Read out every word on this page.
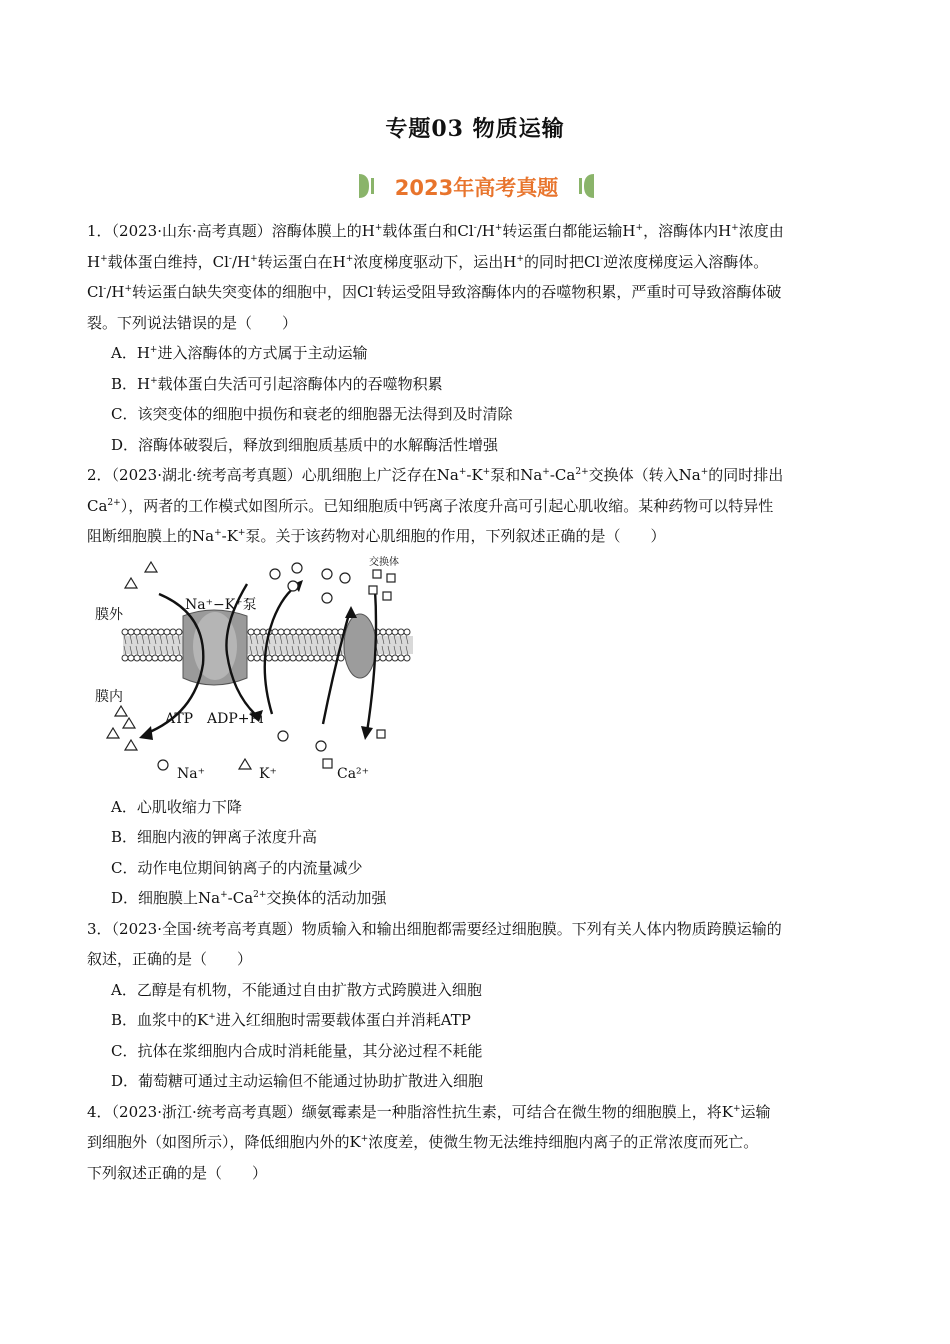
专题03 物质运输
2023年高考真题

1．（2023·山东·高考真题）溶酶体膜上的H+载体蛋白和Cl-/H+转运蛋白都能运输H+，溶酶体内H+浓度由

H+载体蛋白维持，Cl-/H+转运蛋白在H+浓度梯度驱动下，运出H+的同时把Cl-逆浓度梯度运入溶酶体。

Cl-/H+转运蛋白缺失突变体的细胞中，因Cl-转运受阻导致溶酶体内的吞噬物积累，严重时可导致溶酶体破

裂。下列说法错误的是（　　）

A．H+进入溶酶体的方式属于主动运输

B．H+载体蛋白失活可引起溶酶体内的吞噬物积累

C．该突变体的细胞中损伤和衰老的细胞器无法得到及时清除

D．溶酶体破裂后，释放到细胞质基质中的水解酶活性增强

2．（2023·湖北·统考高考真题）心肌细胞上广泛存在Na+-K+泵和$Na^+-Ca^{2+}$交换体（转入Na+的同时排出

$Ca^{2+}$），两者的工作模式如图所示。已知细胞质中钙离子浓度升高可引起心肌收缩。某种药物可以特异性

阻断细胞膜上的Na+-K+泵。关于该药物对心肌细胞的作用，下列叙述正确的是（　　）

膜外
膜内
Na⁺−K⁺泵
交换体
ATP ADP+Pi
Na⁺	K⁺	Ca²⁺

A．心肌收缩力下降

B．细胞内液的钾离子浓度升高

C．动作电位期间钠离子的内流量减少

D．细胞膜上$Na^+-Ca^{2+}$交换体的活动加强

3．（2023·全国·统考高考真题）物质输入和输出细胞都需要经过细胞膜。下列有关人体内物质跨膜运输的

叙述，正确的是（　　）

A．乙醇是有机物，不能通过自由扩散方式跨膜进入细胞

B．血浆中的K+进入红细胞时需要载体蛋白并消耗ATP

C．抗体在浆细胞内合成时消耗能量，其分泌过程不耗能

D．葡萄糖可通过主动运输但不能通过协助扩散进入细胞

4．（2023·浙江·统考高考真题）缬氨霉素是一种脂溶性抗生素，可结合在微生物的细胞膜上，将K+运输

到细胞外（如图所示），降低细胞内外的K+浓度差，使微生物无法维持细胞内离子的正常浓度而死亡。

下列叙述正确的是（　　）
